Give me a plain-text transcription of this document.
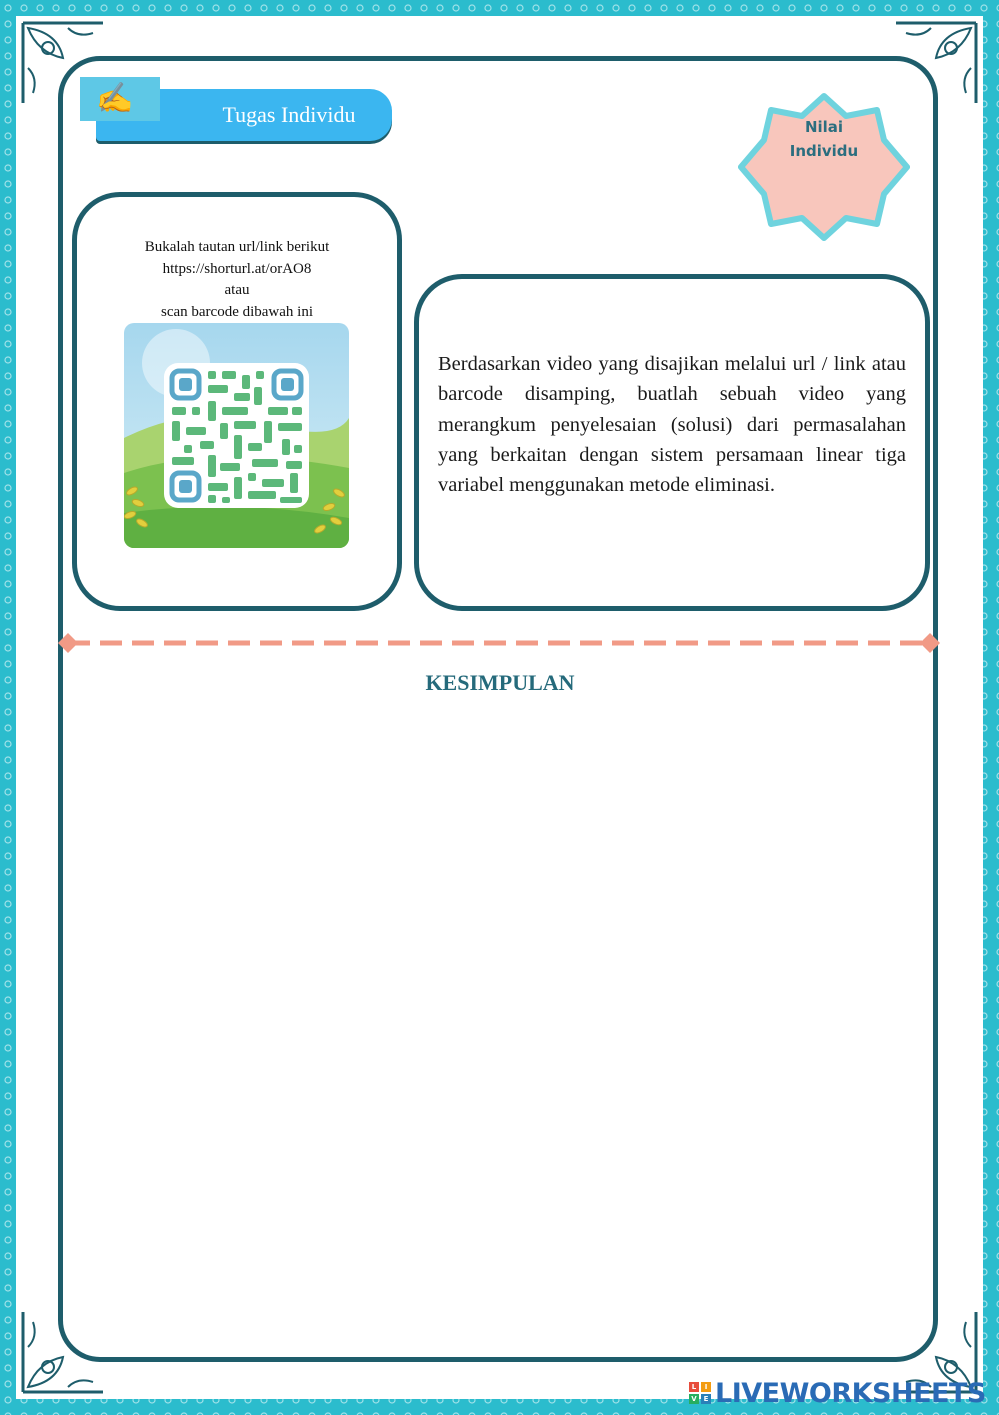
Tugas Individu
✍
Nilai
Individu
Bukalah tautan url/link berikut
https://shorturl.at/orAO8
atau
scan barcode dibawah ini
Berdasarkan video yang disajikan melalui url / link atau barcode disamping, buatlah sebuah video yang merangkum penyelesaian (solusi) dari permasalahan yang berkaitan dengan sistem persamaan linear tiga variabel menggunakan metode eliminasi.
KESIMPULAN
L	I
V E LIVEWORKSHEETS
